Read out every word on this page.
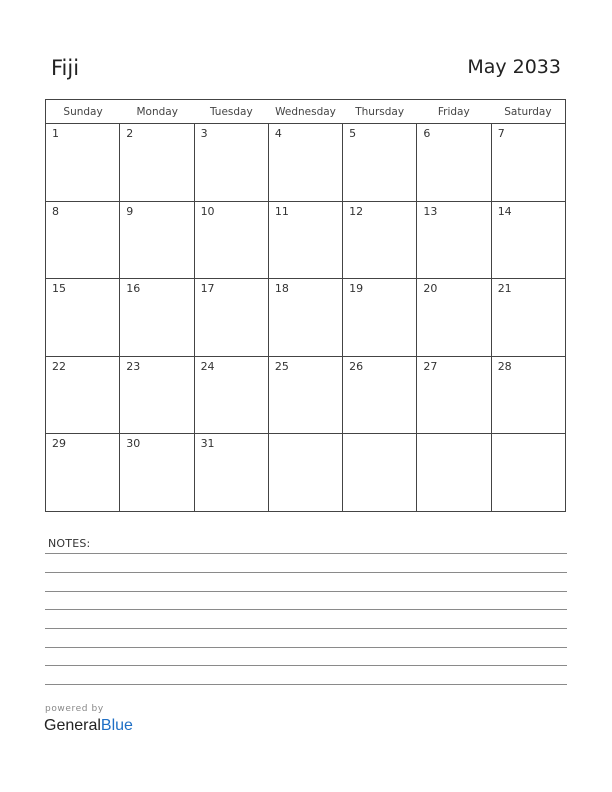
Fiji	May 2033
Sunday	Monday	Tuesday	Wednesday	Thursday	Friday	Saturday
1	2	3	4	5	6	7
8	9	10	11	12	13	14
15	16	17	18	19	20	21
22	23	24	25	26	27	28
29	30	31
NOTES:
powered by
GeneralBlue
